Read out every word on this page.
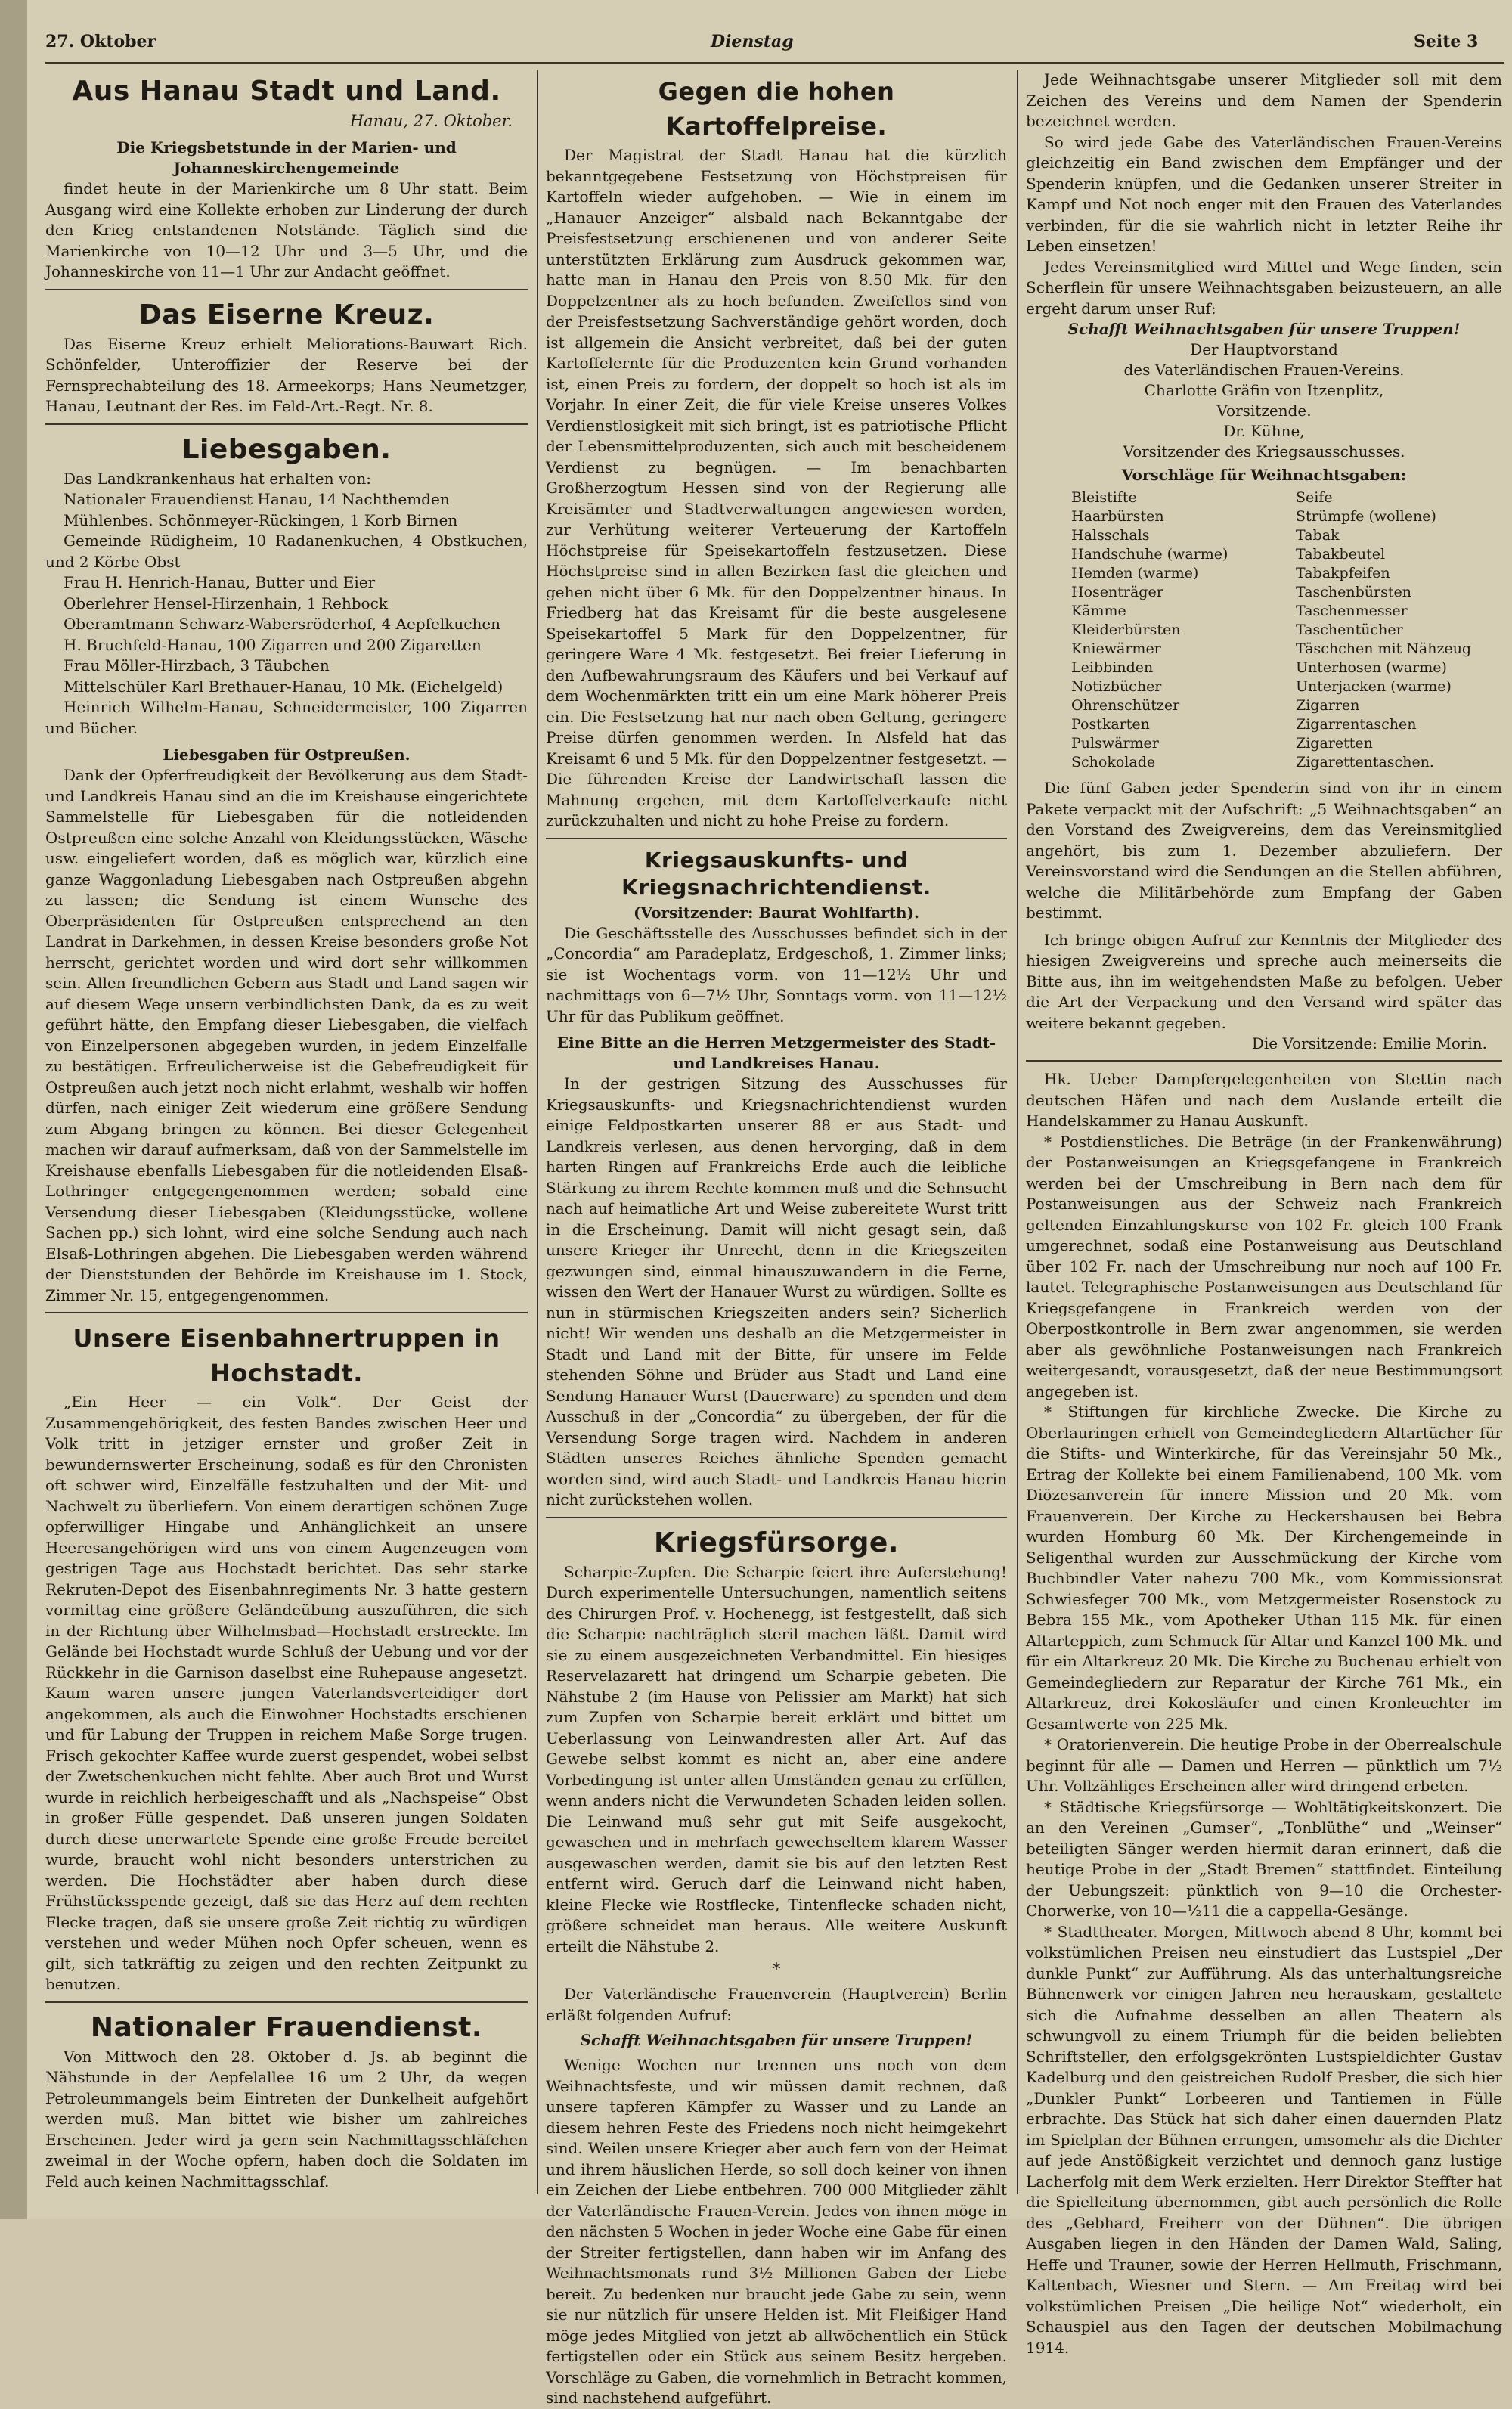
27. Oktober	Dienstag	Seite 3
Aus Hanau Stadt und Land.
Hanau, 27. Oktober.
Die Kriegsbetstunde in der Marien- und Johanneskirchengemeinde

findet heute in der Marienkirche um 8 Uhr statt. Beim Ausgang wird eine Kollekte erhoben zur Linderung der durch den Krieg entstandenen Notstände. Täglich sind die Marienkirche von 10—12 Uhr und 3—5 Uhr, und die Johanneskirche von 11—1 Uhr zur Andacht geöffnet.

Das Eiserne Kreuz.

Das Eiserne Kreuz erhielt Meliorations-Bauwart Rich. Schönfelder, Unteroffizier der Reserve bei der Fernsprechabteilung des 18. Armeekorps; Hans Neumetzger, Hanau, Leutnant der Res. im Feld-Art.-Regt. Nr. 8.

Liebesgaben.

Das Landkrankenhaus hat erhalten von:

Nationaler Frauendienst Hanau, 14 Nachthemden

Mühlenbes. Schönmeyer-Rückingen, 1 Korb Birnen

Gemeinde Rüdigheim, 10 Radanenkuchen, 4 Obstkuchen, und 2 Körbe Obst

Frau H. Henrich-Hanau, Butter und Eier

Oberlehrer Hensel-Hirzenhain, 1 Rehbock

Oberamtmann Schwarz-Wabersröderhof, 4 Aepfelkuchen

H. Bruchfeld-Hanau, 100 Zigarren und 200 Zigaretten

Frau Möller-Hirzbach, 3 Täubchen

Mittelschüler Karl Brethauer-Hanau, 10 Mk. (Eichelgeld)

Heinrich Wilhelm-Hanau, Schneidermeister, 100 Zigarren und Bücher.

Liebesgaben für Ostpreußen.

Dank der Opferfreudigkeit der Bevölkerung aus dem Stadt- und Landkreis Hanau sind an die im Kreishause eingerichtete Sammelstelle für Liebesgaben für die notleidenden Ostpreußen eine solche Anzahl von Kleidungsstücken, Wäsche usw. eingeliefert worden, daß es möglich war, kürzlich eine ganze Waggonladung Liebesgaben nach Ostpreußen abgehn zu lassen; die Sendung ist einem Wunsche des Oberpräsidenten für Ostpreußen entsprechend an den Landrat in Darkehmen, in dessen Kreise besonders große Not herrscht, gerichtet worden und wird dort sehr willkommen sein. Allen freundlichen Gebern aus Stadt und Land sagen wir auf diesem Wege unsern verbindlichsten Dank, da es zu weit geführt hätte, den Empfang dieser Liebesgaben, die vielfach von Einzelpersonen abgegeben wurden, in jedem Einzelfalle zu bestätigen. Erfreulicherweise ist die Gebefreudigkeit für Ostpreußen auch jetzt noch nicht erlahmt, weshalb wir hoffen dürfen, nach einiger Zeit wiederum eine größere Sendung zum Abgang bringen zu können. Bei dieser Gelegenheit machen wir darauf aufmerksam, daß von der Sammelstelle im Kreishause ebenfalls Liebesgaben für die notleidenden Elsaß-Lothringer entgegengenommen werden; sobald eine Versendung dieser Liebesgaben (Kleidungsstücke, wollene Sachen pp.) sich lohnt, wird eine solche Sendung auch nach Elsaß-Lothringen abgehen. Die Liebesgaben werden während der Dienststunden der Behörde im Kreishause im 1. Stock, Zimmer Nr. 15, entgegengenommen.

Unsere Eisenbahnertruppen in Hochstadt.

„Ein Heer — ein Volk“. Der Geist der Zusammengehörigkeit, des festen Bandes zwischen Heer und Volk tritt in jetziger ernster und großer Zeit in bewundernswerter Erscheinung, sodaß es für den Chronisten oft schwer wird, Einzelfälle festzuhalten und der Mit- und Nachwelt zu überliefern. Von einem derartigen schönen Zuge opferwilliger Hingabe und Anhänglichkeit an unsere Heeresangehörigen wird uns von einem Augenzeugen vom gestrigen Tage aus Hochstadt berichtet. Das sehr starke Rekruten-Depot des Eisenbahnregiments Nr. 3 hatte gestern vormittag eine größere Geländeübung auszuführen, die sich in der Richtung über Wilhelmsbad—Hochstadt erstreckte. Im Gelände bei Hochstadt wurde Schluß der Uebung und vor der Rückkehr in die Garnison daselbst eine Ruhepause angesetzt. Kaum waren unsere jungen Vaterlandsverteidiger dort angekommen, als auch die Einwohner Hochstadts erschienen und für Labung der Truppen in reichem Maße Sorge trugen. Frisch gekochter Kaffee wurde zuerst gespendet, wobei selbst der Zwetschenkuchen nicht fehlte. Aber auch Brot und Wurst wurde in reichlich herbeigeschafft und als „Nachspeise“ Obst in großer Fülle gespendet. Daß unseren jungen Soldaten durch diese unerwartete Spende eine große Freude bereitet wurde, braucht wohl nicht besonders unterstrichen zu werden. Die Hochstädter aber haben durch diese Frühstücksspende gezeigt, daß sie das Herz auf dem rechten Flecke tragen, daß sie unsere große Zeit richtig zu würdigen verstehen und weder Mühen noch Opfer scheuen, wenn es gilt, sich tatkräftig zu zeigen und den rechten Zeitpunkt zu benutzen.

Nationaler Frauendienst.

Von Mittwoch den 28. Oktober d. Js. ab beginnt die Nähstunde in der Aepfelallee 16 um 2 Uhr, da wegen Petroleummangels beim Eintreten der Dunkelheit aufgehört werden muß. Man bittet wie bisher um zahlreiches Erscheinen. Jeder wird ja gern sein Nachmittagsschläfchen zweimal in der Woche opfern, haben doch die Soldaten im Feld auch keinen Nachmittagsschlaf.

Gegen die hohen Kartoffelpreise.

Der Magistrat der Stadt Hanau hat die kürzlich bekanntgegebene Festsetzung von Höchstpreisen für Kartoffeln wieder aufgehoben. — Wie in einem im „Hanauer Anzeiger“ alsbald nach Bekanntgabe der Preisfestsetzung erschienenen und von anderer Seite unterstützten Erklärung zum Ausdruck gekommen war, hatte man in Hanau den Preis von 8.50 Mk. für den Doppelzentner als zu hoch befunden. Zweifellos sind von der Preisfestsetzung Sachverständige gehört worden, doch ist allgemein die Ansicht verbreitet, daß bei der guten Kartoffelernte für die Produzenten kein Grund vorhanden ist, einen Preis zu fordern, der doppelt so hoch ist als im Vorjahr. In einer Zeit, die für viele Kreise unseres Volkes Verdienstlosigkeit mit sich bringt, ist es patriotische Pflicht der Lebensmittelproduzenten, sich auch mit bescheidenem Verdienst zu begnügen. — Im benachbarten Großherzogtum Hessen sind von der Regierung alle Kreisämter und Stadtverwaltungen angewiesen worden, zur Verhütung weiterer Verteuerung der Kartoffeln Höchstpreise für Speisekartoffeln festzusetzen. Diese Höchstpreise sind in allen Bezirken fast die gleichen und gehen nicht über 6 Mk. für den Doppelzentner hinaus. In Friedberg hat das Kreisamt für die beste ausgelesene Speisekartoffel 5 Mark für den Doppelzentner, für geringere Ware 4 Mk. festgesetzt. Bei freier Lieferung in den Aufbewahrungsraum des Käufers und bei Verkauf auf dem Wochenmärkten tritt ein um eine Mark höherer Preis ein. Die Festsetzung hat nur nach oben Geltung, geringere Preise dürfen genommen werden. In Alsfeld hat das Kreisamt 6 und 5 Mk. für den Doppelzentner festgesetzt. — Die führenden Kreise der Landwirtschaft lassen die Mahnung ergehen, mit dem Kartoffelverkaufe nicht zurückzuhalten und nicht zu hohe Preise zu fordern.

Kriegsauskunfts- und Kriegsnachrichtendienst.
(Vorsitzender: Baurat Wohlfarth).

Die Geschäftsstelle des Ausschusses befindet sich in der „Concordia“ am Paradeplatz, Erdgeschoß, 1. Zimmer links; sie ist Wochentags vorm. von 11—12½ Uhr und nachmittags von 6—7½ Uhr, Sonntags vorm. von 11—12½ Uhr für das Publikum geöffnet.

Eine Bitte an die Herren Metzgermeister des Stadt- und Landkreises Hanau.

In der gestrigen Sitzung des Ausschusses für Kriegsauskunfts- und Kriegsnachrichtendienst wurden einige Feldpostkarten unserer 88 er aus Stadt- und Landkreis verlesen, aus denen hervorging, daß in dem harten Ringen auf Frankreichs Erde auch die leibliche Stärkung zu ihrem Rechte kommen muß und die Sehnsucht nach auf heimatliche Art und Weise zubereitete Wurst tritt in die Erscheinung. Damit will nicht gesagt sein, daß unsere Krieger ihr Unrecht, denn in die Kriegszeiten gezwungen sind, einmal hinauszuwandern in die Ferne, wissen den Wert der Hanauer Wurst zu würdigen. Sollte es nun in stürmischen Kriegszeiten anders sein? Sicherlich nicht! Wir wenden uns deshalb an die Metzgermeister in Stadt und Land mit der Bitte, für unsere im Felde stehenden Söhne und Brüder aus Stadt und Land eine Sendung Hanauer Wurst (Dauerware) zu spenden und dem Ausschuß in der „Concordia“ zu übergeben, der für die Versendung Sorge tragen wird. Nachdem in anderen Städten unseres Reiches ähnliche Spenden gemacht worden sind, wird auch Stadt- und Landkreis Hanau hierin nicht zurückstehen wollen.

Kriegsfürsorge.

Scharpie-Zupfen. Die Scharpie feiert ihre Auferstehung! Durch experimentelle Untersuchungen, namentlich seitens des Chirurgen Prof. v. Hochenegg, ist festgestellt, daß sich die Scharpie nachträglich steril machen läßt. Damit wird sie zu einem ausgezeichneten Verbandmittel. Ein hiesiges Reservelazarett hat dringend um Scharpie gebeten. Die Nähstube 2 (im Hause von Pelissier am Markt) hat sich zum Zupfen von Scharpie bereit erklärt und bittet um Ueberlassung von Leinwandresten aller Art. Auf das Gewebe selbst kommt es nicht an, aber eine andere Vorbedingung ist unter allen Umständen genau zu erfüllen, wenn anders nicht die Verwundeten Schaden leiden sollen. Die Leinwand muß sehr gut mit Seife ausgekocht, gewaschen und in mehrfach gewechseltem klarem Wasser ausgewaschen werden, damit sie bis auf den letzten Rest entfernt wird. Geruch darf die Leinwand nicht haben, kleine Flecke wie Rostflecke, Tintenflecke schaden nicht, größere schneidet man heraus. Alle weitere Auskunft erteilt die Nähstube 2.

*

Der Vaterländische Frauenverein (Hauptverein) Berlin erläßt folgenden Aufruf:

Schafft Weihnachtsgaben für unsere Truppen!

Wenige Wochen nur trennen uns noch von dem Weihnachtsfeste, und wir müssen damit rechnen, daß unsere tapferen Kämpfer zu Wasser und zu Lande an diesem hehren Feste des Friedens noch nicht heimgekehrt sind. Weilen unsere Krieger aber auch fern von der Heimat und ihrem häuslichen Herde, so soll doch keiner von ihnen ein Zeichen der Liebe entbehren. 700 000 Mitglieder zählt der Vaterländische Frauen-Verein. Jedes von ihnen möge in den nächsten 5 Wochen in jeder Woche eine Gabe für einen der Streiter fertigstellen, dann haben wir im Anfang des Weihnachtsmonats rund 3½ Millionen Gaben der Liebe bereit. Zu bedenken nur braucht jede Gabe zu sein, wenn sie nur nützlich für unsere Helden ist. Mit Fleißiger Hand möge jedes Mitglied von jetzt ab allwöchentlich ein Stück fertigstellen oder ein Stück aus seinem Besitz hergeben. Vorschläge zu Gaben, die vornehmlich in Betracht kommen, sind nachstehend aufgeführt.

Jede Weihnachtsgabe unserer Mitglieder soll mit dem Zeichen des Vereins und dem Namen der Spenderin bezeichnet werden.

So wird jede Gabe des Vaterländischen Frauen-Vereins gleichzeitig ein Band zwischen dem Empfänger und der Spenderin knüpfen, und die Gedanken unserer Streiter in Kampf und Not noch enger mit den Frauen des Vaterlandes verbinden, für die sie wahrlich nicht in letzter Reihe ihr Leben einsetzen!

Jedes Vereinsmitglied wird Mittel und Wege finden, sein Scherflein für unsere Weihnachtsgaben beizusteuern, an alle ergeht darum unser Ruf:

Schafft Weihnachtsgaben für unsere Truppen!
Der Hauptvorstand
des Vaterländischen Frauen-Vereins.
Charlotte Gräfin von Itzenplitz,
Vorsitzende.
Dr. Kühne,
Vorsitzender des Kriegsausschusses.
Vorschläge für Weihnachtsgaben:
Bleistifte	Seife
Haarbürsten	Strümpfe (wollene)
Halsschals	Tabak
Handschuhe (warme)	Tabakbeutel
Hemden (warme)	Tabakpfeifen
Hosenträger	Taschenbürsten
Kämme	Taschenmesser
Kleiderbürsten	Taschentücher
Kniewärmer	Täschchen mit Nähzeug
Leibbinden	Unterhosen (warme)
Notizbücher	Unterjacken (warme)
Ohrenschützer	Zigarren
Postkarten	Zigarrentaschen
Pulswärmer	Zigaretten
Schokolade	Zigarettentaschen.

Die fünf Gaben jeder Spenderin sind von ihr in einem Pakete verpackt mit der Aufschrift: „5 Weihnachtsgaben“ an den Vorstand des Zweigvereins, dem das Vereinsmitglied angehört, bis zum 1. Dezember abzuliefern. Der Vereinsvorstand wird die Sendungen an die Stellen abführen, welche die Militärbehörde zum Empfang der Gaben bestimmt.

Ich bringe obigen Aufruf zur Kenntnis der Mitglieder des hiesigen Zweigvereins und spreche auch meinerseits die Bitte aus, ihn im weitgehendsten Maße zu befolgen. Ueber die Art der Verpackung und den Versand wird später das weitere bekannt gegeben.

Die Vorsitzende: Emilie Morin.

Hk. Ueber Dampfergelegenheiten von Stettin nach deutschen Häfen und nach dem Auslande erteilt die Handelskammer zu Hanau Auskunft.

* Postdienstliches. Die Beträge (in der Frankenwährung) der Postanweisungen an Kriegsgefangene in Frankreich werden bei der Umschreibung in Bern nach dem für Postanweisungen aus der Schweiz nach Frankreich geltenden Einzahlungskurse von 102 Fr. gleich 100 Frank umgerechnet, sodaß eine Postanweisung aus Deutschland über 102 Fr. nach der Umschreibung nur noch auf 100 Fr. lautet. Telegraphische Postanweisungen aus Deutschland für Kriegsgefangene in Frankreich werden von der Oberpostkontrolle in Bern zwar angenommen, sie werden aber als gewöhnliche Postanweisungen nach Frankreich weitergesandt, vorausgesetzt, daß der neue Bestimmungsort angegeben ist.

* Stiftungen für kirchliche Zwecke. Die Kirche zu Oberlauringen erhielt von Gemeindegliedern Altartücher für die Stifts- und Winterkirche, für das Vereinsjahr 50 Mk., Ertrag der Kollekte bei einem Familienabend, 100 Mk. vom Diözesanverein für innere Mission und 20 Mk. vom Frauenverein. Der Kirche zu Heckershausen bei Bebra wurden Homburg 60 Mk. Der Kirchengemeinde in Seligenthal wurden zur Ausschmückung der Kirche vom Buchbindler Vater nahezu 700 Mk., vom Kommissionsrat Schwiesfeger 700 Mk., vom Metzgermeister Rosenstock zu Bebra 155 Mk., vom Apotheker Uthan 115 Mk. für einen Altarteppich, zum Schmuck für Altar und Kanzel 100 Mk. und für ein Altarkreuz 20 Mk. Die Kirche zu Buchenau erhielt von Gemeindegliedern zur Reparatur der Kirche 761 Mk., ein Altarkreuz, drei Kokosläufer und einen Kronleuchter im Gesamtwerte von 225 Mk.

* Oratorienverein. Die heutige Probe in der Oberrealschule beginnt für alle — Damen und Herren — pünktlich um 7½ Uhr. Vollzähliges Erscheinen aller wird dringend erbeten.

* Städtische Kriegsfürsorge — Wohltätigkeitskonzert. Die an den Vereinen „Gumser“, „Tonblüthe“ und „Weinser“ beteiligten Sänger werden hiermit daran erinnert, daß die heutige Probe in der „Stadt Bremen“ stattfindet. Einteilung der Uebungszeit: pünktlich von 9—10 die Orchester-Chorwerke, von 10—½11 die a cappella-Gesänge.

* Stadttheater. Morgen, Mittwoch abend 8 Uhr, kommt bei volkstümlichen Preisen neu einstudiert das Lustspiel „Der dunkle Punkt“ zur Aufführung. Als das unterhaltungsreiche Bühnenwerk vor einigen Jahren neu herauskam, gestaltete sich die Aufnahme desselben an allen Theatern als schwungvoll zu einem Triumph für die beiden beliebten Schriftsteller, den erfolgsgekrönten Lustspieldichter Gustav Kadelburg und den geistreichen Rudolf Presber, die sich hier „Dunkler Punkt“ Lorbeeren und Tantiemen in Fülle erbrachte. Das Stück hat sich daher einen dauernden Platz im Spielplan der Bühnen errungen, umsomehr als die Dichter auf jede Anstößigkeit verzichtet und dennoch ganz lustige Lacherfolg mit dem Werk erzielten. Herr Direktor Steffter hat die Spielleitung übernommen, gibt auch persönlich die Rolle des „Gebhard, Freiherr von der Dühnen“. Die übrigen Ausgaben liegen in den Händen der Damen Wald, Saling, Heffe und Trauner, sowie der Herren Hellmuth, Frischmann, Kaltenbach, Wiesner und Stern. — Am Freitag wird bei volkstümlichen Preisen „Die heilige Not“ wiederholt, ein Schauspiel aus den Tagen der deutschen Mobilmachung 1914.
